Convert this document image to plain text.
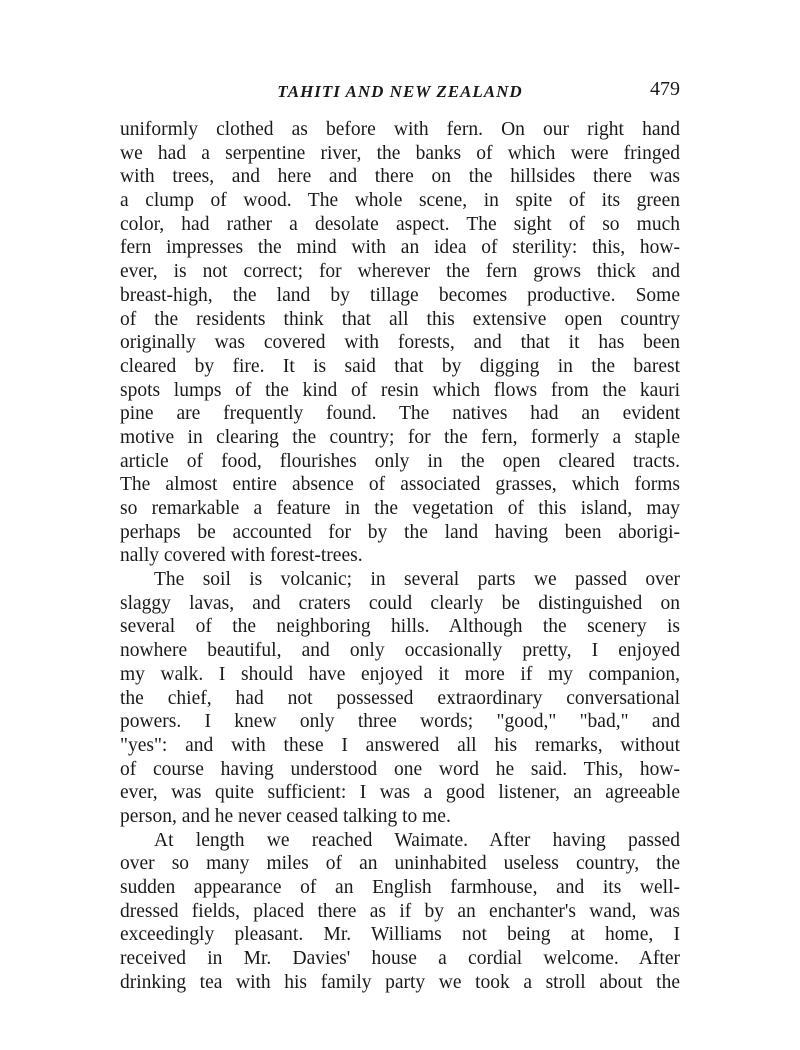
TAHITI AND NEW ZEALAND	479
uniformly clothed as before with fern. On our right hand
we had a serpentine river, the banks of which were fringed
with trees, and here and there on the hillsides there was
a clump of wood. The whole scene, in spite of its green
color, had rather a desolate aspect. The sight of so much
fern impresses the mind with an idea of sterility: this, how-
ever, is not correct; for wherever the fern grows thick and
breast-high, the land by tillage becomes productive. Some
of the residents think that all this extensive open country
originally was covered with forests, and that it has been
cleared by fire. It is said that by digging in the barest
spots lumps of the kind of resin which flows from the kauri
pine are frequently found. The natives had an evident
motive in clearing the country; for the fern, formerly a staple
article of food, flourishes only in the open cleared tracts.
The almost entire absence of associated grasses, which forms
so remarkable a feature in the vegetation of this island, may
perhaps be accounted for by the land having been aborigi-
nally covered with forest-trees.
The soil is volcanic; in several parts we passed over
slaggy lavas, and craters could clearly be distinguished on
several of the neighboring hills. Although the scenery is
nowhere beautiful, and only occasionally pretty, I enjoyed
my walk. I should have enjoyed it more if my companion,
the chief, had not possessed extraordinary conversational
powers. I knew only three words; "good," "bad," and
"yes": and with these I answered all his remarks, without
of course having understood one word he said. This, how-
ever, was quite sufficient: I was a good listener, an agreeable
person, and he never ceased talking to me.
At length we reached Waimate. After having passed
over so many miles of an uninhabited useless country, the
sudden appearance of an English farmhouse, and its well-
dressed fields, placed there as if by an enchanter's wand, was
exceedingly pleasant. Mr. Williams not being at home, I
received in Mr. Davies' house a cordial welcome. After
drinking tea with his family party we took a stroll about the
